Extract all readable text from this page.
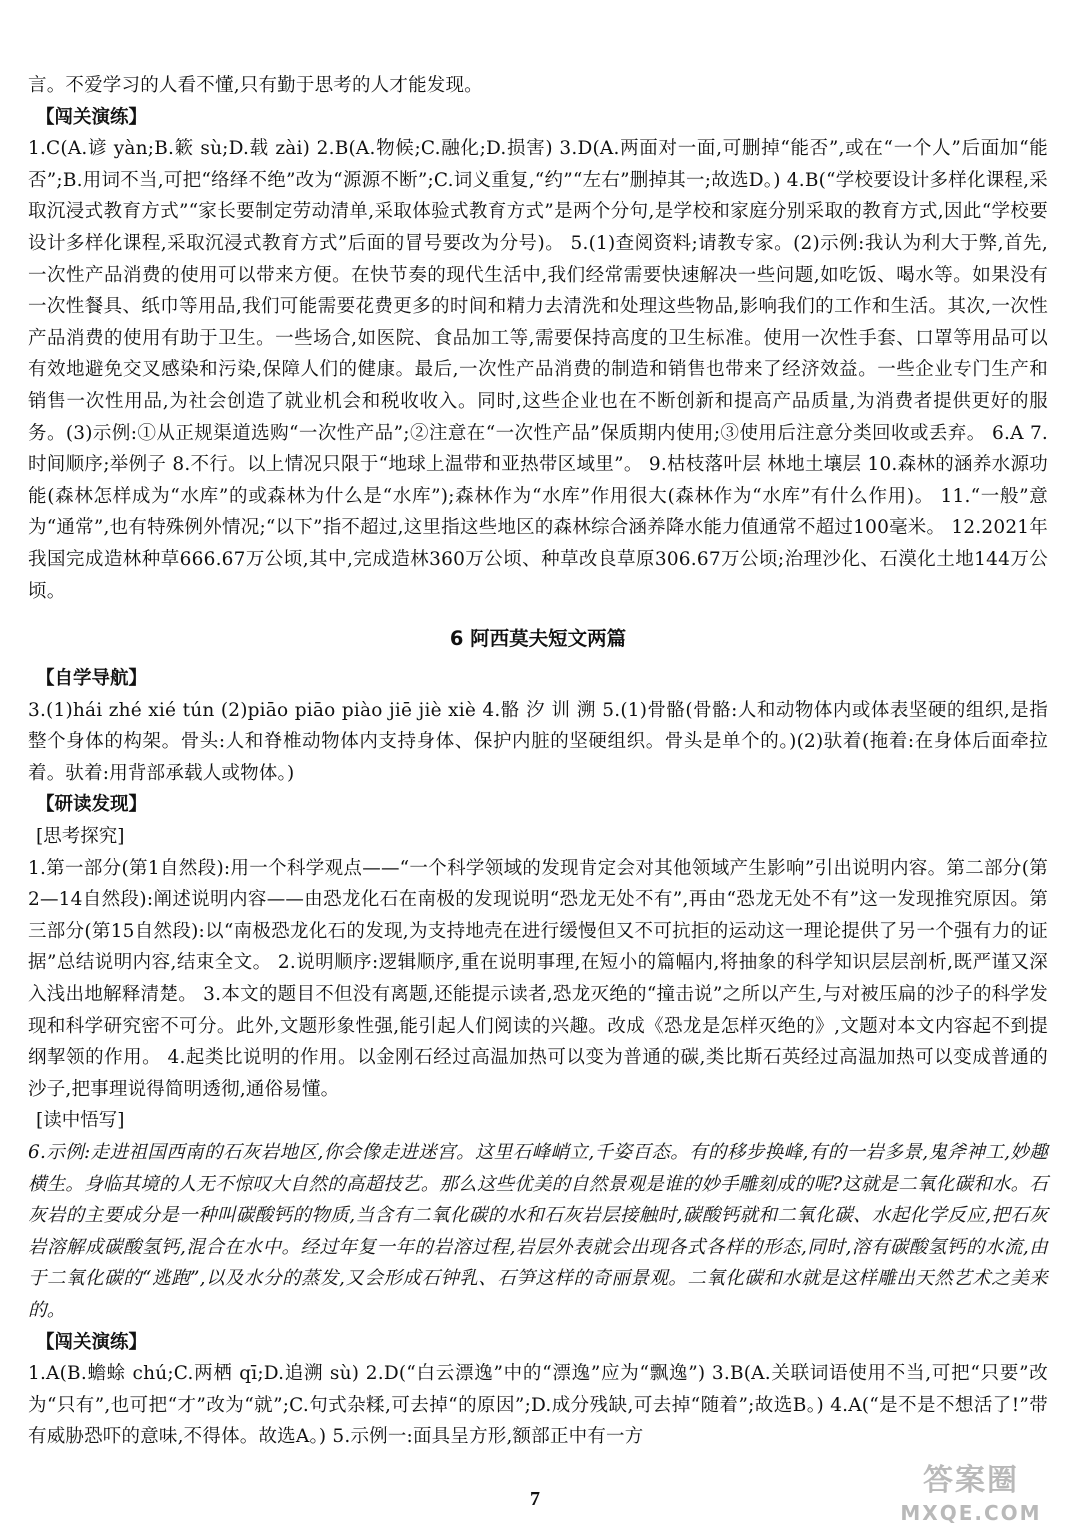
言。不爱学习的人看不懂,只有勤于思考的人才能发现。

【闯关演练】

1.C(A.谚 yàn;B.簌 sù;D.载 zài) 2.B(A.物候;C.融化;D.损害) 3.D(A.两面对一面,可删掉“能否”,或在“一个人”后面加“能否”;B.用词不当,可把“络绎不绝”改为“源源不断”;C.词义重复,“约”“左右”删掉其一;故选D。) 4.B(“学校要设计多样化课程,采取沉浸式教育方式”“家长要制定劳动清单,采取体验式教育方式”是两个分句,是学校和家庭分别采取的教育方式,因此“学校要设计多样化课程,采取沉浸式教育方式”后面的冒号要改为分号)。 5.(1)查阅资料;请教专家。(2)示例:我认为利大于弊,首先,一次性产品消费的使用可以带来方便。在快节奏的现代生活中,我们经常需要快速解决一些问题,如吃饭、喝水等。如果没有一次性餐具、纸巾等用品,我们可能需要花费更多的时间和精力去清洗和处理这些物品,影响我们的工作和生活。其次,一次性产品消费的使用有助于卫生。一些场合,如医院、食品加工等,需要保持高度的卫生标准。使用一次性手套、口罩等用品可以有效地避免交叉感染和污染,保障人们的健康。最后,一次性产品消费的制造和销售也带来了经济效益。一些企业专门生产和销售一次性用品,为社会创造了就业机会和税收收入。同时,这些企业也在不断创新和提高产品质量,为消费者提供更好的服务。(3)示例:①从正规渠道选购“一次性产品”;②注意在“一次性产品”保质期内使用;③使用后注意分类回收或丢弃。 6.A 7.时间顺序;举例子 8.不行。以上情况只限于“地球上温带和亚热带区域里”。 9.枯枝落叶层 林地土壤层 10.森林的涵养水源功能(森林怎样成为“水库”的或森林为什么是“水库”);森林作为“水库”作用很大(森林作为“水库”有什么作用)。 11.“一般”意为“通常”,也有特殊例外情况;“以下”指不超过,这里指这些地区的森林综合涵养降水能力值通常不超过100毫米。 12.2021年我国完成造林种草666.67万公顷,其中,完成造林360万公顷、种草改良草原306.67万公顷;治理沙化、石漠化土地144万公顷。

6 阿西莫夫短文两篇
【自学导航】

3.(1)hái zhé xié tún (2)piāo piāo piào jiē jiè xiè 4.骼 汐 训 溯 5.(1)骨骼(骨骼:人和动物体内或体表坚硬的组织,是指整个身体的构架。骨头:人和脊椎动物体内支持身体、保护内脏的坚硬组织。骨头是单个的。)(2)驮着(拖着:在身体后面牵拉着。驮着:用背部承载人或物体。)

【研读发现】
[思考探究]

1.第一部分(第1自然段):用一个科学观点——“一个科学领域的发现肯定会对其他领域产生影响”引出说明内容。第二部分(第2—14自然段):阐述说明内容——由恐龙化石在南极的发现说明“恐龙无处不有”,再由“恐龙无处不有”这一发现推究原因。第三部分(第15自然段):以“南极恐龙化石的发现,为支持地壳在进行缓慢但又不可抗拒的运动这一理论提供了另一个强有力的证据”总结说明内容,结束全文。 2.说明顺序:逻辑顺序,重在说明事理,在短小的篇幅内,将抽象的科学知识层层剖析,既严谨又深入浅出地解释清楚。 3.本文的题目不但没有离题,还能提示读者,恐龙灭绝的“撞击说”之所以产生,与对被压扁的沙子的科学发现和科学研究密不可分。此外,文题形象性强,能引起人们阅读的兴趣。改成《恐龙是怎样灭绝的》,文题对本文内容起不到提纲挈领的作用。 4.起类比说明的作用。以金刚石经过高温加热可以变为普通的碳,类比斯石英经过高温加热可以变成普通的沙子,把事理说得简明透彻,通俗易懂。

[读中悟写]

6.示例:走进祖国西南的石灰岩地区,你会像走进迷宫。这里石峰峭立,千姿百态。有的移步换峰,有的一岩多景,鬼斧神工,妙趣横生。身临其境的人无不惊叹大自然的高超技艺。那么这些优美的自然景观是谁的妙手雕刻成的呢?这就是二氧化碳和水。石灰岩的主要成分是一种叫碳酸钙的物质,当含有二氧化碳的水和石灰岩层接触时,碳酸钙就和二氧化碳、水起化学反应,把石灰岩溶解成碳酸氢钙,混合在水中。经过年复一年的岩溶过程,岩层外表就会出现各式各样的形态,同时,溶有碳酸氢钙的水流,由于二氧化碳的“逃跑”,以及水分的蒸发,又会形成石钟乳、石笋这样的奇丽景观。二氧化碳和水就是这样雕出天然艺术之美来的。

【闯关演练】

1.A(B.蟾蜍 chú;C.两栖 qī;D.追溯 sù) 2.D(“白云漂逸”中的“漂逸”应为“飘逸”) 3.B(A.关联词语使用不当,可把“只要”改为“只有”,也可把“才”改为“就”;C.句式杂糅,可去掉“的原因”;D.成分残缺,可去掉“随着”;故选B。) 4.A(“是不是不想活了!”带有威胁恐吓的意味,不得体。故选A。) 5.示例一:面具呈方形,额部正中有一方

7
答案圈
MXQE.COM
